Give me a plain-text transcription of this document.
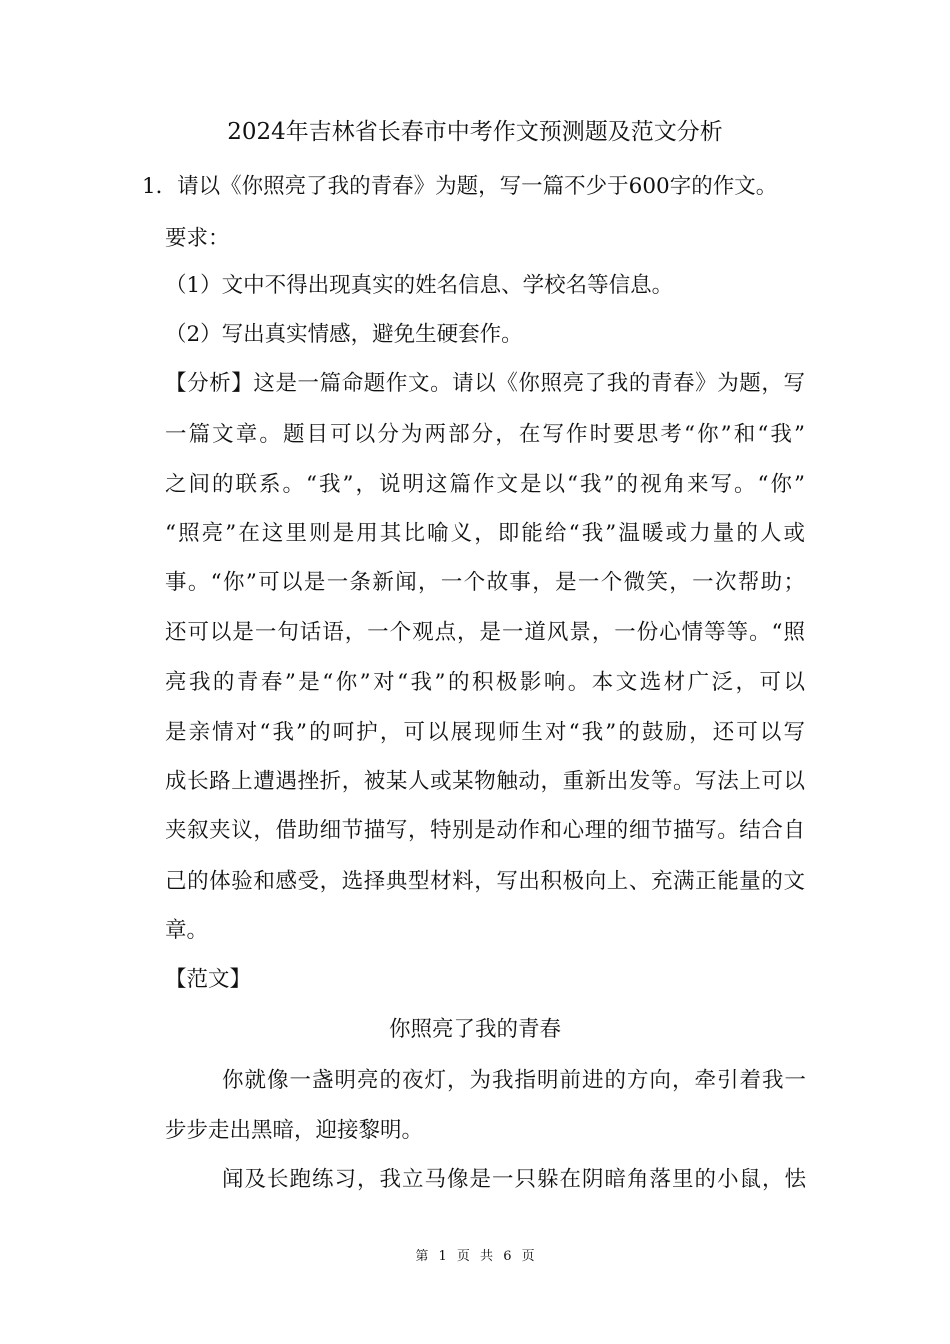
2024年吉林省长春市中考作文预测题及范文分析
1．请以《你照亮了我的青春》为题，写一篇不少于600字的作文。
要求：
（1）文中不得出现真实的姓名信息、学校名等信息。
（2）写出真实情感，避免生硬套作。
【分析】这是一篇命题作文。请以《你照亮了我的青春》为题，写
一篇文章。题目可以分为两部分，在写作时要思考“你”和“我”
之间的联系。“我”，说明这篇作文是以“我”的视角来写。“你”
“照亮”在这里则是用其比喻义，即能给“我”温暖或力量的人或
事。“你”可以是一条新闻，一个故事，是一个微笑，一次帮助；
还可以是一句话语，一个观点，是一道风景，一份心情等等。“照
亮我的青春”是“你”对“我”的积极影响。本文选材广泛，可以
是亲情对“我”的呵护，可以展现师生对“我”的鼓励，还可以写
成长路上遭遇挫折，被某人或某物触动，重新出发等。写法上可以
夹叙夹议，借助细节描写，特别是动作和心理的细节描写。结合自
己的体验和感受，选择典型材料，写出积极向上、充满正能量的文
章。
【范文】
你照亮了我的青春
你就像一盏明亮的夜灯，为我指明前进的方向，牵引着我一
步步走出黑暗，迎接黎明。
闻及长跑练习，我立马像是一只躲在阴暗角落里的小鼠，怯
第 1 页 共 6 页
